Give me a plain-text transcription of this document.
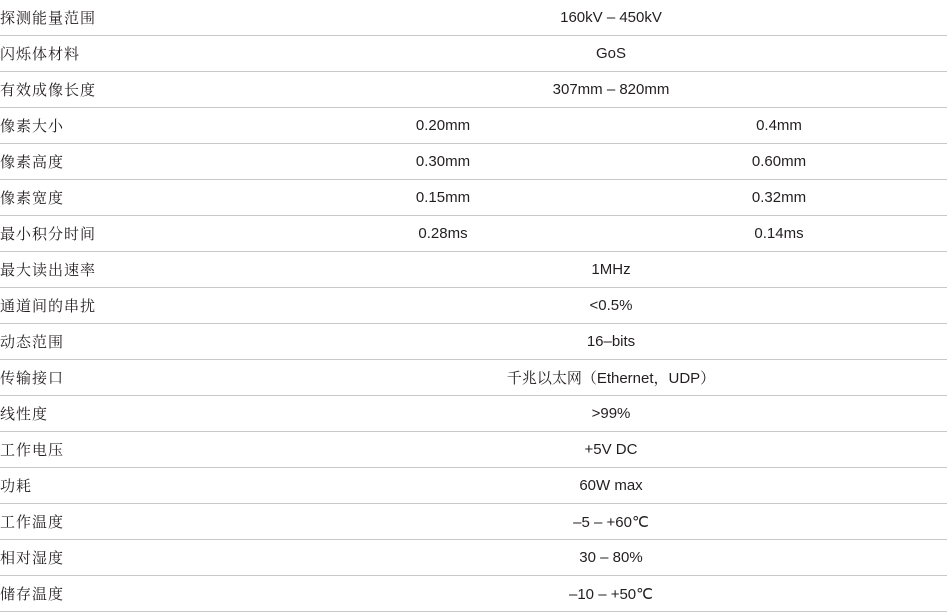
探测能量范围	160kV – 450kV	
闪烁体材料	GoS	
有效成像长度	307mm – 820mm	
像素大小	0.20mm	0.4mm
像素高度	0.30mm	0.60mm
像素宽度	0.15mm	0.32mm
最小积分时间	0.28ms	0.14ms
最大读出速率	1MHz	
通道间的串扰	<0.5%	
动态范围	16–bits	
传输接口	千兆以太网（Ethernet，UDP）	
线性度	>99%	
工作电压	+5V DC	
功耗	60W max	
工作温度	–5 – +60℃	
相对湿度	30 – 80%	
储存温度	–10 – +50℃	
